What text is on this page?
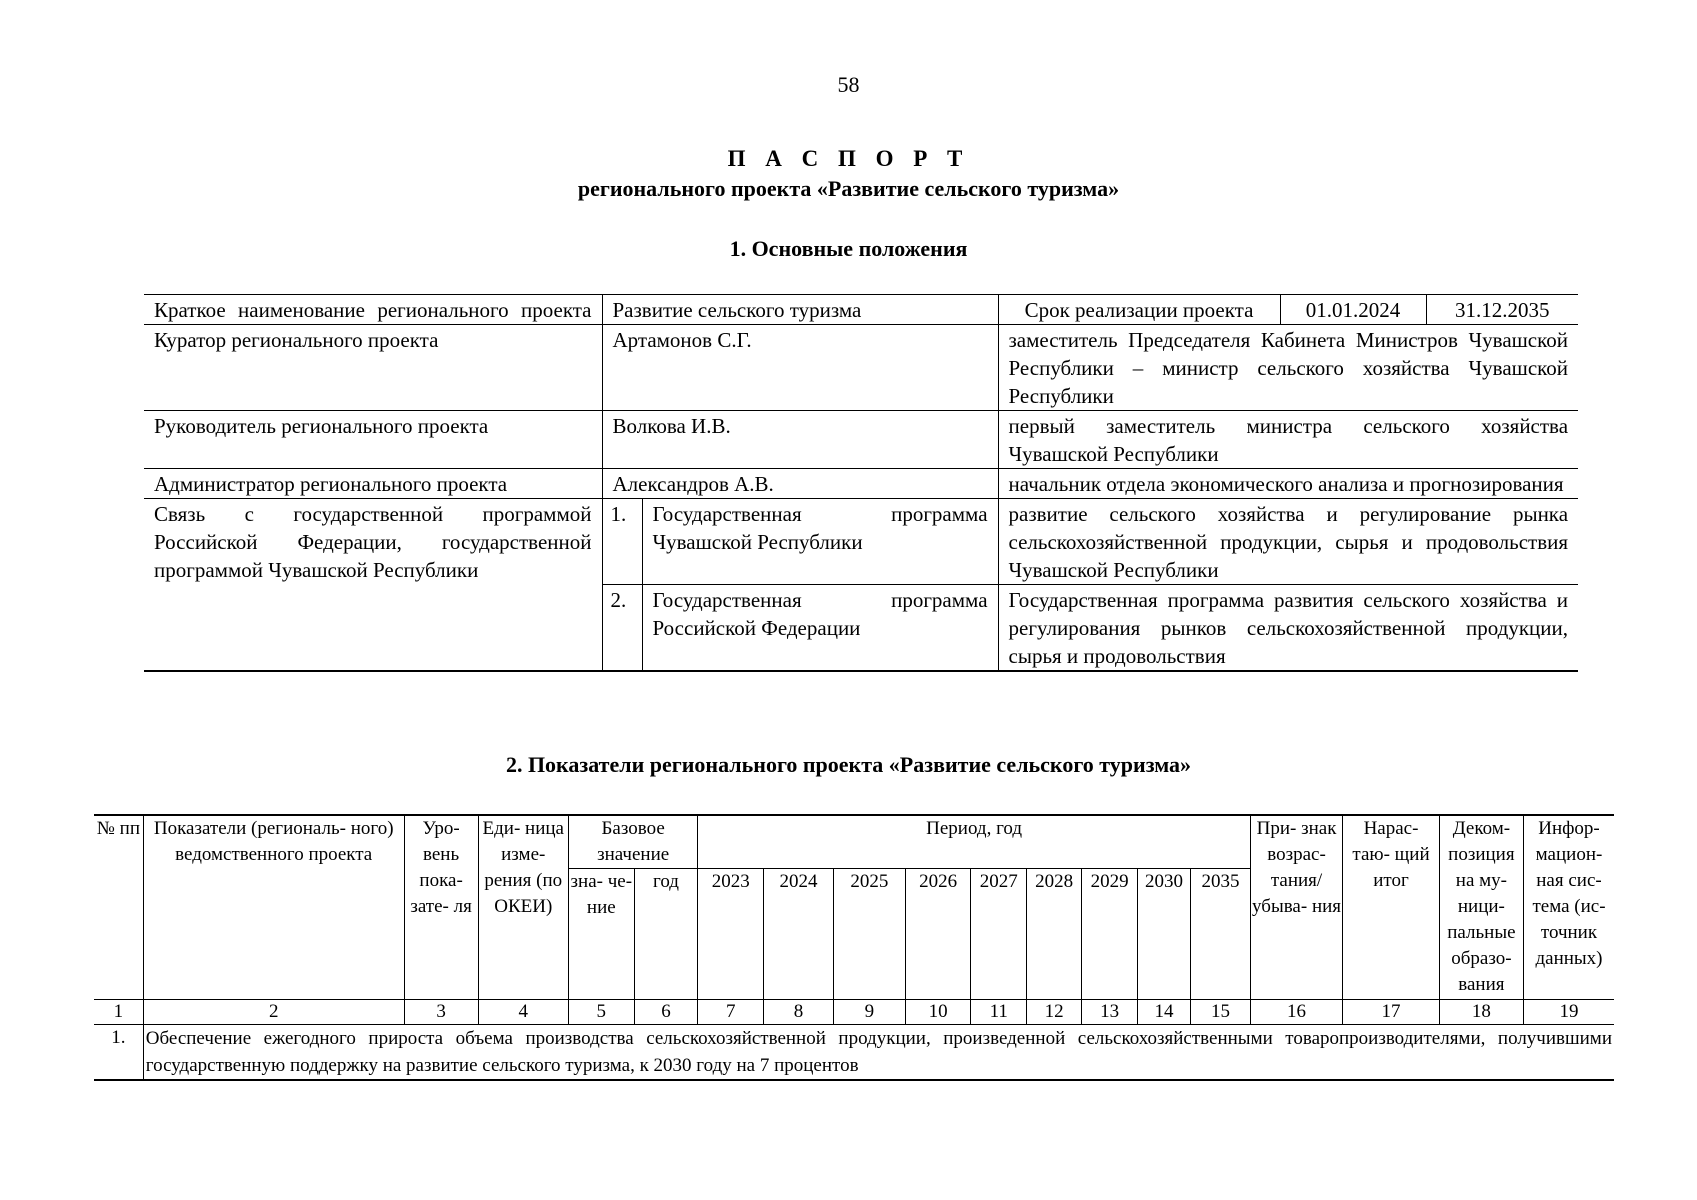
58
П А С П О Р Т
регионального проекта «Развитие сельского туризма»
1. Основные положения
Краткое наименование регионального проекта	Развитие сельского туризма		Срок реализации проекта	01.01.2024	31.12.2035
Куратор регионального проекта	Артамонов С.Г.		заместитель Председателя Кабинета Министров Чувашской Республики – министр сельского хозяйства Чувашской Республики		
Руководитель регионального проекта	Волкова И.В.		первый заместитель министра сельского хозяйства Чувашской Республики		
Администратор регионального проекта	Александров А.В.		начальник отдела экономического анализа и прогнозирования		
Связь с государственной программой Российской Федерации, государственной программой Чувашской Республики	1.	Государственная программа Чувашской Республики	развитие сельского хозяйства и регулирование рынка сельскохозяйственной продукции, сырья и продовольствия Чувашской Республики		
	2.	Государственная программа Российской Федерации	Государственная программа развития сельского хозяйства и регулирования рынков сельскохозяйственной продукции, сырья и продовольствия		
2. Показатели регионального проекта «Развитие сельского туризма»
№ пп	Показатели (региональ- ного) ведомственного проекта	Уро- вень пока- зате- ля	Еди- ница изме- рения (по ОКЕИ)	Базовое значение		Период, год									При- знак возрас- тания/ убыва- ния	Нарас- таю- щий итог	Деком- позиция на му- ници- пальные образо- вания	Инфор- мацион- ная сис- тема (ис- точник данных)
				зна- че- ние	год	2023	2024	2025	2026	2027	2028	2029	2030	2035				
1	2	3	4	5	6	7	8	9	10	11	12	13	14	15	16	17	18	19
1.	Обеспечение ежегодного прироста объема производства сельскохозяйственной продукции, произведенной сельскохозяйственными товаропроизводителями, получившими государственную поддержку на развитие сельского туризма, к 2030 году на 7 процентов																	
